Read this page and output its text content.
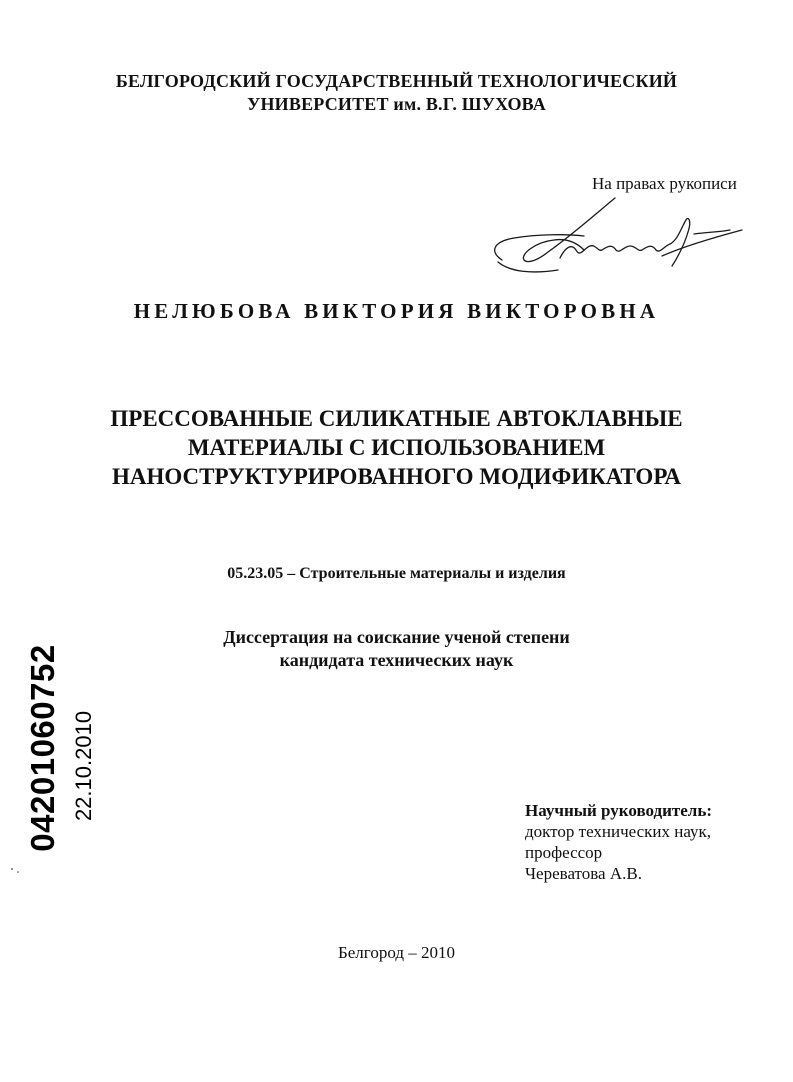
БЕЛГОРОДСКИЙ ГОСУДАРСТВЕННЫЙ ТЕХНОЛОГИЧЕСКИЙ
УНИВЕРСИТЕТ им. В.Г. ШУХОВА
На правах рукописи
НЕЛЮБОВА ВИКТОРИЯ ВИКТОРОВНА
ПРЕССОВАННЫЕ СИЛИКАТНЫЕ АВТОКЛАВНЫЕ
МАТЕРИАЛЫ С ИСПОЛЬЗОВАНИЕМ
НАНОСТРУКТУРИРОВАННОГО МОДИФИКАТОРА
05.23.05 – Строительные материалы и изделия
Диссертация на соискание ученой степени
кандидата технических наук
Научный руководитель:
доктор технических наук,
профессор
Череватова А.В.
Белгород – 2010
04201060752 22.10.2010
